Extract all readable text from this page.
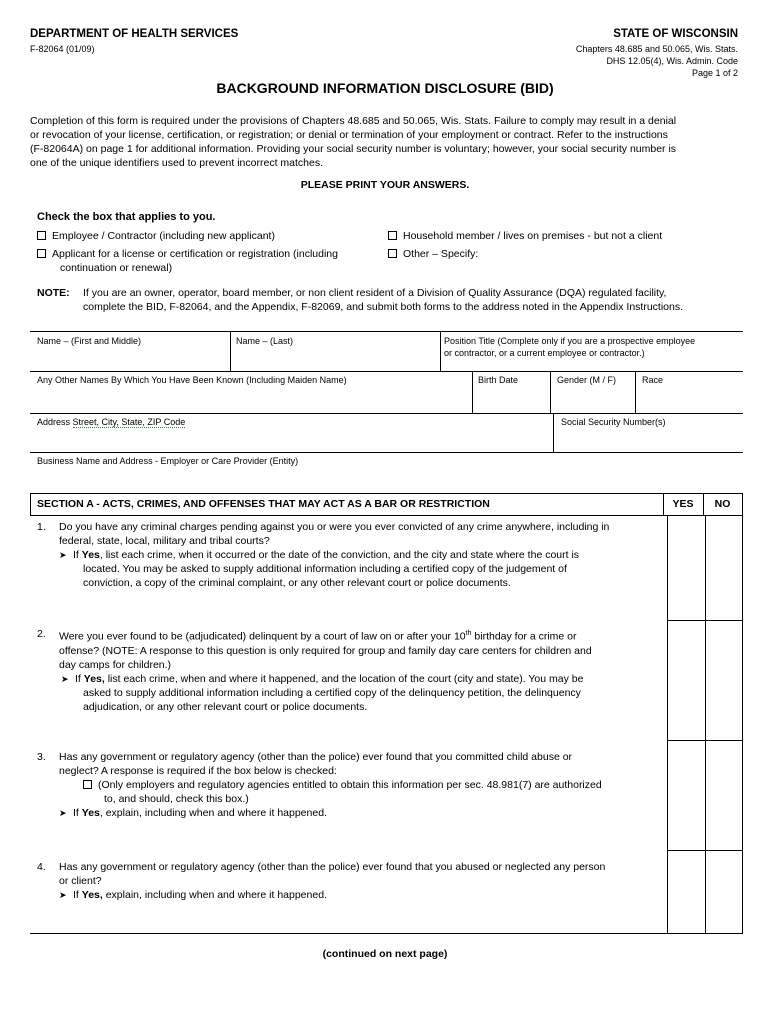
DEPARTMENT OF HEALTH SERVICES
F-82064 (01/09)
STATE OF WISCONSIN
Chapters 48.685 and 50.065, Wis. Stats.
DHS 12.05(4), Wis. Admin. Code
Page 1 of 2
BACKGROUND INFORMATION DISCLOSURE (BID)
Completion of this form is required under the provisions of Chapters 48.685 and 50.065, Wis. Stats. Failure to comply may result in a denial
or revocation of your license, certification, or registration; or denial or termination of your employment or contract. Refer to the instructions
(F-82064A) on page 1 for additional information. Providing your social security number is voluntary; however, your social security number is
one of the unique identifiers used to prevent incorrect matches.
PLEASE PRINT YOUR ANSWERS.
Check the box that applies to you.
Employee / Contractor (including new applicant)
Applicant for a license or certification or registration (including
continuation or renewal)
Household member / lives on premises - but not a client
Other – Specify:
NOTE: If you are an owner, operator, board member, or non client resident of a Division of Quality Assurance (DQA) regulated facility,
complete the BID, F-82064, and the Appendix, F-82069, and submit both forms to the address noted in the Appendix Instructions.
Name – (First and Middle)	Name – (Last)	Position Title (Complete only if you are a prospective employee
or contractor, or a current employee or contractor.)
Any Other Names By Which You Have Been Known (Including Maiden Name)	Birth Date	Gender (M / F)	Race
Address Street, City, State, ZIP Code	Social Security Number(s)
Business Name and Address - Employer or Care Provider (Entity)
SECTION A - ACTS, CRIMES, AND OFFENSES THAT MAY ACT AS A BAR OR RESTRICTION	YES	NO
1. Do you have any criminal charges pending against you or were you ever convicted of any crime anywhere, including in
federal, state, local, military and tribal courts?
➤ If Yes, list each crime, when it occurred or the date of the conviction, and the city and state where the court is
located. You may be asked to supply additional information including a certified copy of the judgement of
conviction, a copy of the criminal complaint, or any other relevant court or police documents.
2. Were you ever found to be (adjudicated) delinquent by a court of law on or after your 10th birthday for a crime or
offense? (NOTE: A response to this question is only required for group and family day care centers for children and
day camps for children.)
➤ If Yes, list each crime, when and where it happened, and the location of the court (city and state). You may be
asked to supply additional information including a certified copy of the delinquency petition, the delinquency
adjudication, or any other relevant court or police documents.
3. Has any government or regulatory agency (other than the police) ever found that you committed child abuse or
neglect? A response is required if the box below is checked:
(Only employers and regulatory agencies entitled to obtain this information per sec. 48.981(7) are authorized
to, and should, check this box.)
➤ If Yes, explain, including when and where it happened.
4. Has any government or regulatory agency (other than the police) ever found that you abused or neglected any person
or client?
➤ If Yes, explain, including when and where it happened.
(continued on next page)
